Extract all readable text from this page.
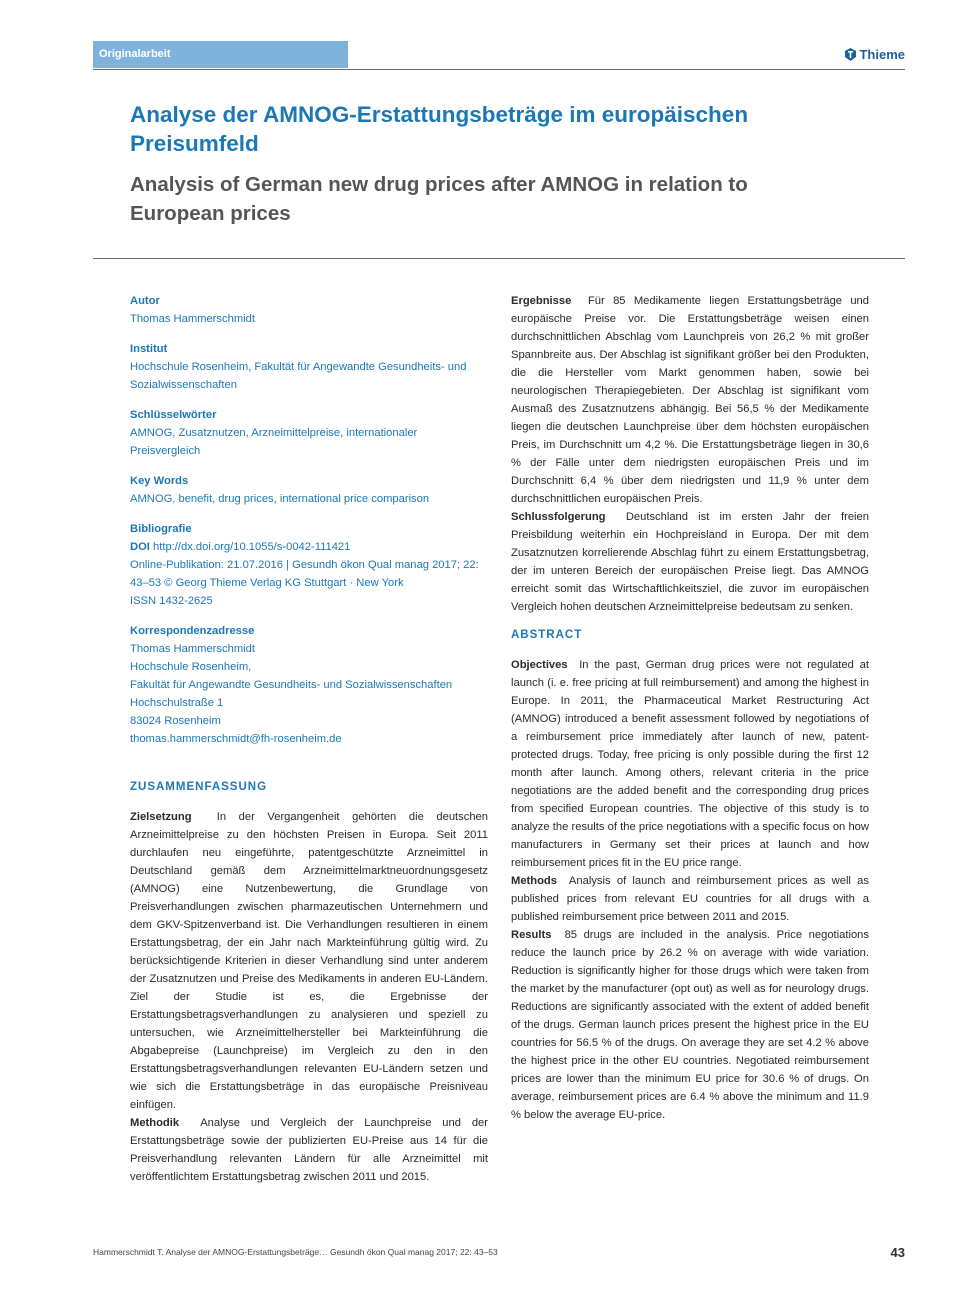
Originalarbeit	Thieme
Analyse der AMNOG-Erstattungsbeträge im europäischen Preisumfeld
Analysis of German new drug prices after AMNOG in relation to European prices
Autor
Thomas Hammerschmidt
Institut
Hochschule Rosenheim, Fakultät für Angewandte Gesundheits- und Sozialwissenschaften
Schlüsselwörter
AMNOG, Zusatznutzen, Arzneimittelpreise, internationaler Preisvergleich
Key Words
AMNOG, benefit, drug prices, international price comparison
Bibliografie
DOI http://dx.doi.org/10.1055/s-0042-111421
Online-Publikation: 21.07.2016 | Gesundh ökon Qual manag 2017; 22: 43–53 © Georg Thieme Verlag KG Stuttgart · New York
ISSN 1432-2625
Korrespondenzadresse
Thomas Hammerschmidt
Hochschule Rosenheim,
Fakultät für Angewandte Gesundheits- und Sozialwissenschaften
Hochschulstraße 1
83024 Rosenheim
thomas.hammerschmidt@fh-rosenheim.de
ZUSAMMENFASSUNG
Zielsetzung In der Vergangenheit gehörten die deutschen Arzneimittelpreise zu den höchsten Preisen in Europa. Seit 2011 durchlaufen neu eingeführte, patentgeschützte Arzneimittel in Deutschland gemäß dem Arzneimittelmarktneuordnungsgesetz (AMNOG) eine Nutzenbewertung, die Grundlage von Preisverhandlungen zwischen pharmazeutischen Unternehmern und dem GKV-Spitzenverband ist. Die Verhandlungen resultieren in einem Erstattungsbetrag, der ein Jahr nach Markteinführung gültig wird. Zu berücksichtigende Kriterien in dieser Verhandlung sind unter anderem der Zusatznutzen und Preise des Medikaments in anderen EU-Ländern. Ziel der Studie ist es, die Ergebnisse der Erstattungsbetragsverhandlungen zu analysieren und speziell zu untersuchen, wie Arzneimittelhersteller bei Markteinführung die Abgabepreise (Launchpreise) im Vergleich zu den in den Erstattungsbetragsverhandlungen relevanten EU-Ländern setzen und wie sich die Erstattungsbeträge in das europäische Preisniveau einfügen.
Methodik Analyse und Vergleich der Launchpreise und der Erstattungsbeträge sowie der publizierten EU-Preise aus 14 für die Preisverhandlung relevanten Ländern für alle Arzneimittel mit veröffentlichtem Erstattungsbetrag zwischen 2011 und 2015.
Ergebnisse Für 85 Medikamente liegen Erstattungsbeträge und europäische Preise vor. Die Erstattungsbeträge weisen einen durchschnittlichen Abschlag vom Launchpreis von 26,2 % mit großer Spannbreite aus. Der Abschlag ist signifikant größer bei den Produkten, die die Hersteller vom Markt genommen haben, sowie bei neurologischen Therapiegebieten. Der Abschlag ist signifikant vom Ausmaß des Zusatznutzens abhängig. Bei 56,5 % der Medikamente liegen die deutschen Launchpreise über dem höchsten europäischen Preis, im Durchschnitt um 4,2 %. Die Erstattungsbeträge liegen in 30,6 % der Fälle unter dem niedrigsten europäischen Preis und im Durchschnitt 6,4 % über dem niedrigsten und 11,9 % unter dem durchschnittlichen europäischen Preis.
Schlussfolgerung Deutschland ist im ersten Jahr der freien Preisbildung weiterhin ein Hochpreisland in Europa. Der mit dem Zusatznutzen korrelierende Abschlag führt zu einem Erstattungsbetrag, der im unteren Bereich der europäischen Preise liegt. Das AMNOG erreicht somit das Wirtschaftlichkeitsziel, die zuvor im europäischen Vergleich hohen deutschen Arzneimittelpreise bedeutsam zu senken.
ABSTRACT
Objectives In the past, German drug prices were not regulated at launch (i. e. free pricing at full reimbursement) and among the highest in Europe. In 2011, the Pharmaceutical Market Restructuring Act (AMNOG) introduced a benefit assessment followed by negotiations of a reimbursement price immediately after launch of new, patent-protected drugs. Today, free pricing is only possible during the first 12 month after launch. Among others, relevant criteria in the price negotiations are the added benefit and the corresponding drug prices from specified European countries. The objective of this study is to analyze the results of the price negotiations with a specific focus on how manufacturers in Germany set their prices at launch and how reimbursement prices fit in the EU price range.
Methods Analysis of launch and reimbursement prices as well as published prices from relevant EU countries for all drugs with a published reimbursement price between 2011 and 2015.
Results 85 drugs are included in the analysis. Price negotiations reduce the launch price by 26.2 % on average with wide variation. Reduction is significantly higher for those drugs which were taken from the market by the manufacturer (opt out) as well as for neurology drugs. Reductions are significantly associated with the extent of added benefit of the drugs. German launch prices present the highest price in the EU countries for 56.5 % of the drugs. On average they are set 4.2 % above the highest price in the other EU countries. Negotiated reimbursement prices are lower than the minimum EU price for 30.6 % of drugs. On average, reimbursement prices are 6.4 % above the minimum and 11.9 % below the average EU-price.
Hammerschmidt T. Analyse der AMNOG-Erstattungsbeträge… Gesundh ökon Qual manag 2017; 22: 43–53	43
